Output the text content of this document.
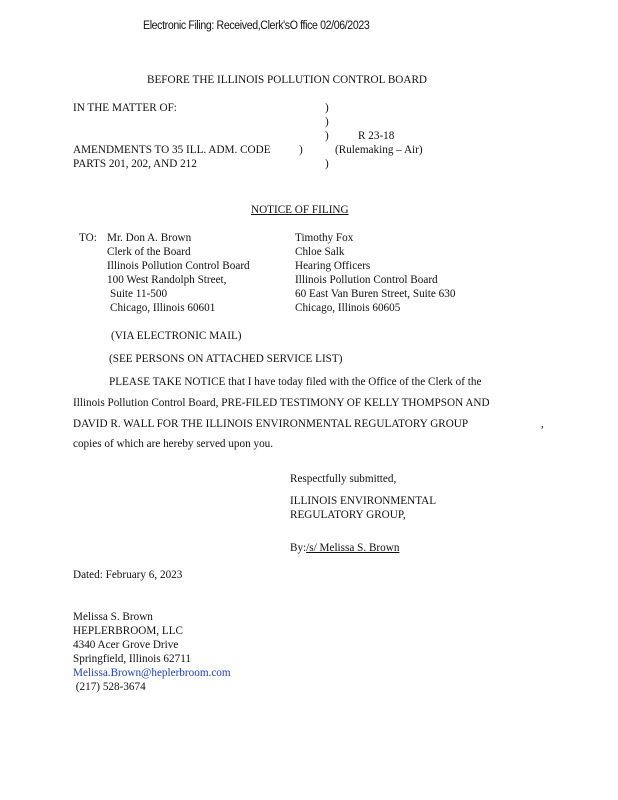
Electronic Filing: Received,Clerk'sO ffice 02/06/2023
BEFORE THE ILLINOIS POLLUTION CONTROL BOARD
IN THE MATTER OF:	)
)
)	R 23-18
AMENDMENTS TO 35 ILL. ADM. CODE	)	(Rulemaking – Air)
PARTS 201, 202, AND 212	)
NOTICE OF FILING
TO: Mr. Don A. Brown
Clerk of the Board
Illinois Pollution Control Board
100 West Randolph Street,
Suite 11-500
Chicago, Illinois 60601
Timothy Fox
Chloe Salk
Hearing Officers
Illinois Pollution Control Board
60 East Van Buren Street, Suite 630
Chicago, Illinois 60605
(VIA ELECTRONIC MAIL)
(SEE PERSONS ON ATTACHED SERVICE LIST)
PLEASE TAKE NOTICE that I have today filed with the Office of the Clerk of the
Illinois Pollution Control Board, PRE-FILED TESTIMONY OF KELLY THOMPSON AND
DAVID R. WALL FOR THE ILLINOIS ENVIRONMENTAL REGULATORY GROUP	,
copies of which are hereby served upon you.
Respectfully submitted,
ILLINOIS ENVIRONMENTAL
REGULATORY GROUP,
By:/s/ Melissa S. Brown
Dated: February 6, 2023
Melissa S. Brown
HEPLERBROOM, LLC
4340 Acer Grove Drive
Springfield, Illinois 62711
Melissa.Brown@heplerbroom.com
(217) 528-3674
